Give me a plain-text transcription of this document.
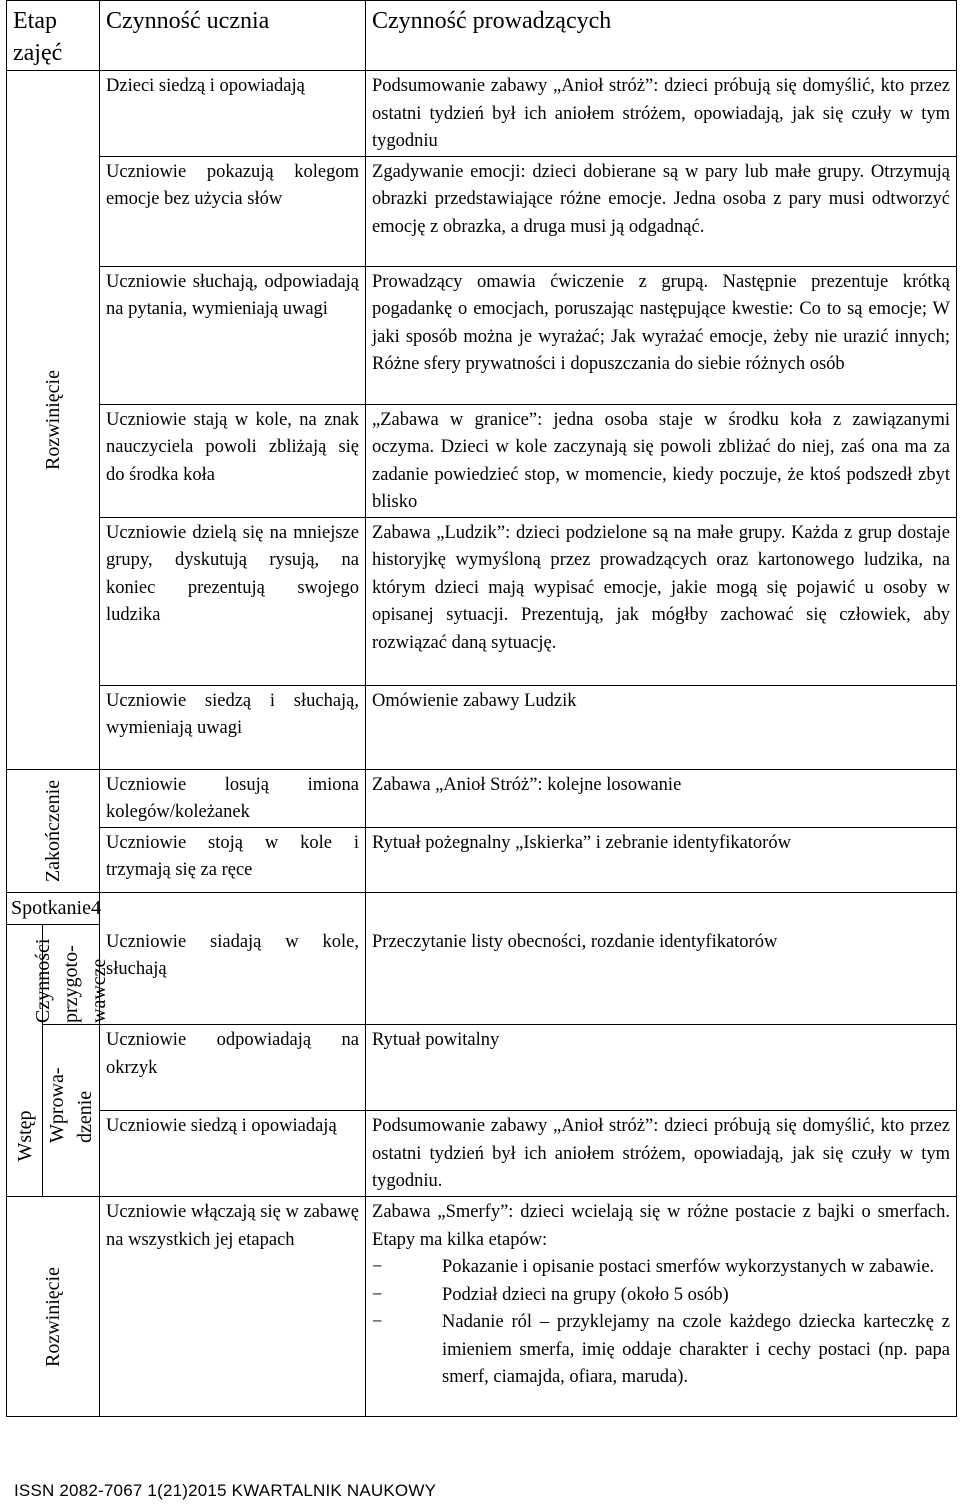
Etap zajęć		Czynność ucznia	Czynność prowadzących

Rozwinięcie		Dzieci siedzą i opowiadają	Podsumowanie zabawy „Anioł stróż”: dzieci próbują się domyślić, kto przez ostatni tydzień był ich aniołem stróżem, opowiadają, jak się czuły w tym tygodniu
		Uczniowie pokazują kolegom emocje bez użycia słów	Zgadywanie emocji: dzieci dobierane są w pary lub małe grupy. Otrzymują obrazki przedstawiające różne emocje. Jedna osoba z pary musi odtworzyć emocję z obrazka, a druga musi ją odgadnąć.
		Uczniowie słuchają, odpowiadają na pytania, wymieniają uwagi	Prowadzący omawia ćwiczenie z grupą. Następnie prezentuje krótką pogadankę o emocjach, poruszając następujące kwestie: Co to są emocje; W jaki sposób można je wyrażać; Jak wyrażać emocje, żeby nie urazić innych; Różne sfery prywatności i dopuszczania do siebie różnych osób
		Uczniowie stają w kole, na znak nauczyciela powoli zbliżają się do środka koła	„Zabawa w granice”: jedna osoba staje w środku koła z zawiązanymi oczyma. Dzieci w kole zaczynają się powoli zbliżać do niej, zaś ona ma za zadanie powiedzieć stop, w momencie, kiedy poczuje, że ktoś podszedł zbyt blisko
		Uczniowie dzielą się na mniejsze grupy, dyskutują rysują, na koniec prezentują swojego ludzika	Zabawa „Ludzik”: dzieci podzielone są na małe grupy. Każda z grup dostaje historyjkę wymyśloną przez prowadzących oraz kartonowego ludzika, na którym dzieci mają wypisać emocje, jakie mogą się pojawić u osoby w opisanej sytuacji. Prezentują, jak mógłby zachować się człowiek, aby rozwiązać daną sytuację.
		Uczniowie siedzą i słuchają, wymieniają uwagi	Omówienie zabawy Ludzik

Zakończenie		Uczniowie losują imiona kolegów/koleżanek	Zabawa „Anioł Stróż”: kolejne losowanie
		Uczniowie stoją w kole i trzymają się za ręce	Rytuał pożegnalny „Iskierka” i zebranie identyfikatorów
Spotkanie4			

Wstęp	Czynności przygoto-wawcze	Uczniowie siadają w kole, słuchają	Przeczytanie listy obecności, rozdanie identyfikatorów

	Wprowa-dzenie	Uczniowie odpowiadają na okrzyk	Rytuał powitalny
		Uczniowie siedzą i opowiadają	Podsumowanie zabawy „Anioł stróż”: dzieci próbują się domyślić, kto przez ostatni tydzień był ich aniołem stróżem, opowiadają, jak się czuły w tym tygodniu.

Rozwinięcie		Uczniowie włączają się w zabawę na wszystkich jej etapach	Zabawa „Smerfy”: dzieci wcielają się w różne postacie z bajki o smerfach. Etapy ma kilka etapów:
− Pokazanie i opisanie postaci smerfów wykorzystanych w zabawie.
− Podział dzieci na grupy (około 5 osób)
− Nadanie ról – przyklejamy na czole każdego dziecka karteczkę z imieniem smerfa, imię oddaje charakter i cechy postaci (np. papa smerf, ciamajda, ofiara, maruda).
ISSN 2082-7067 1(21)2015 KWARTALNIK NAUKOWY
